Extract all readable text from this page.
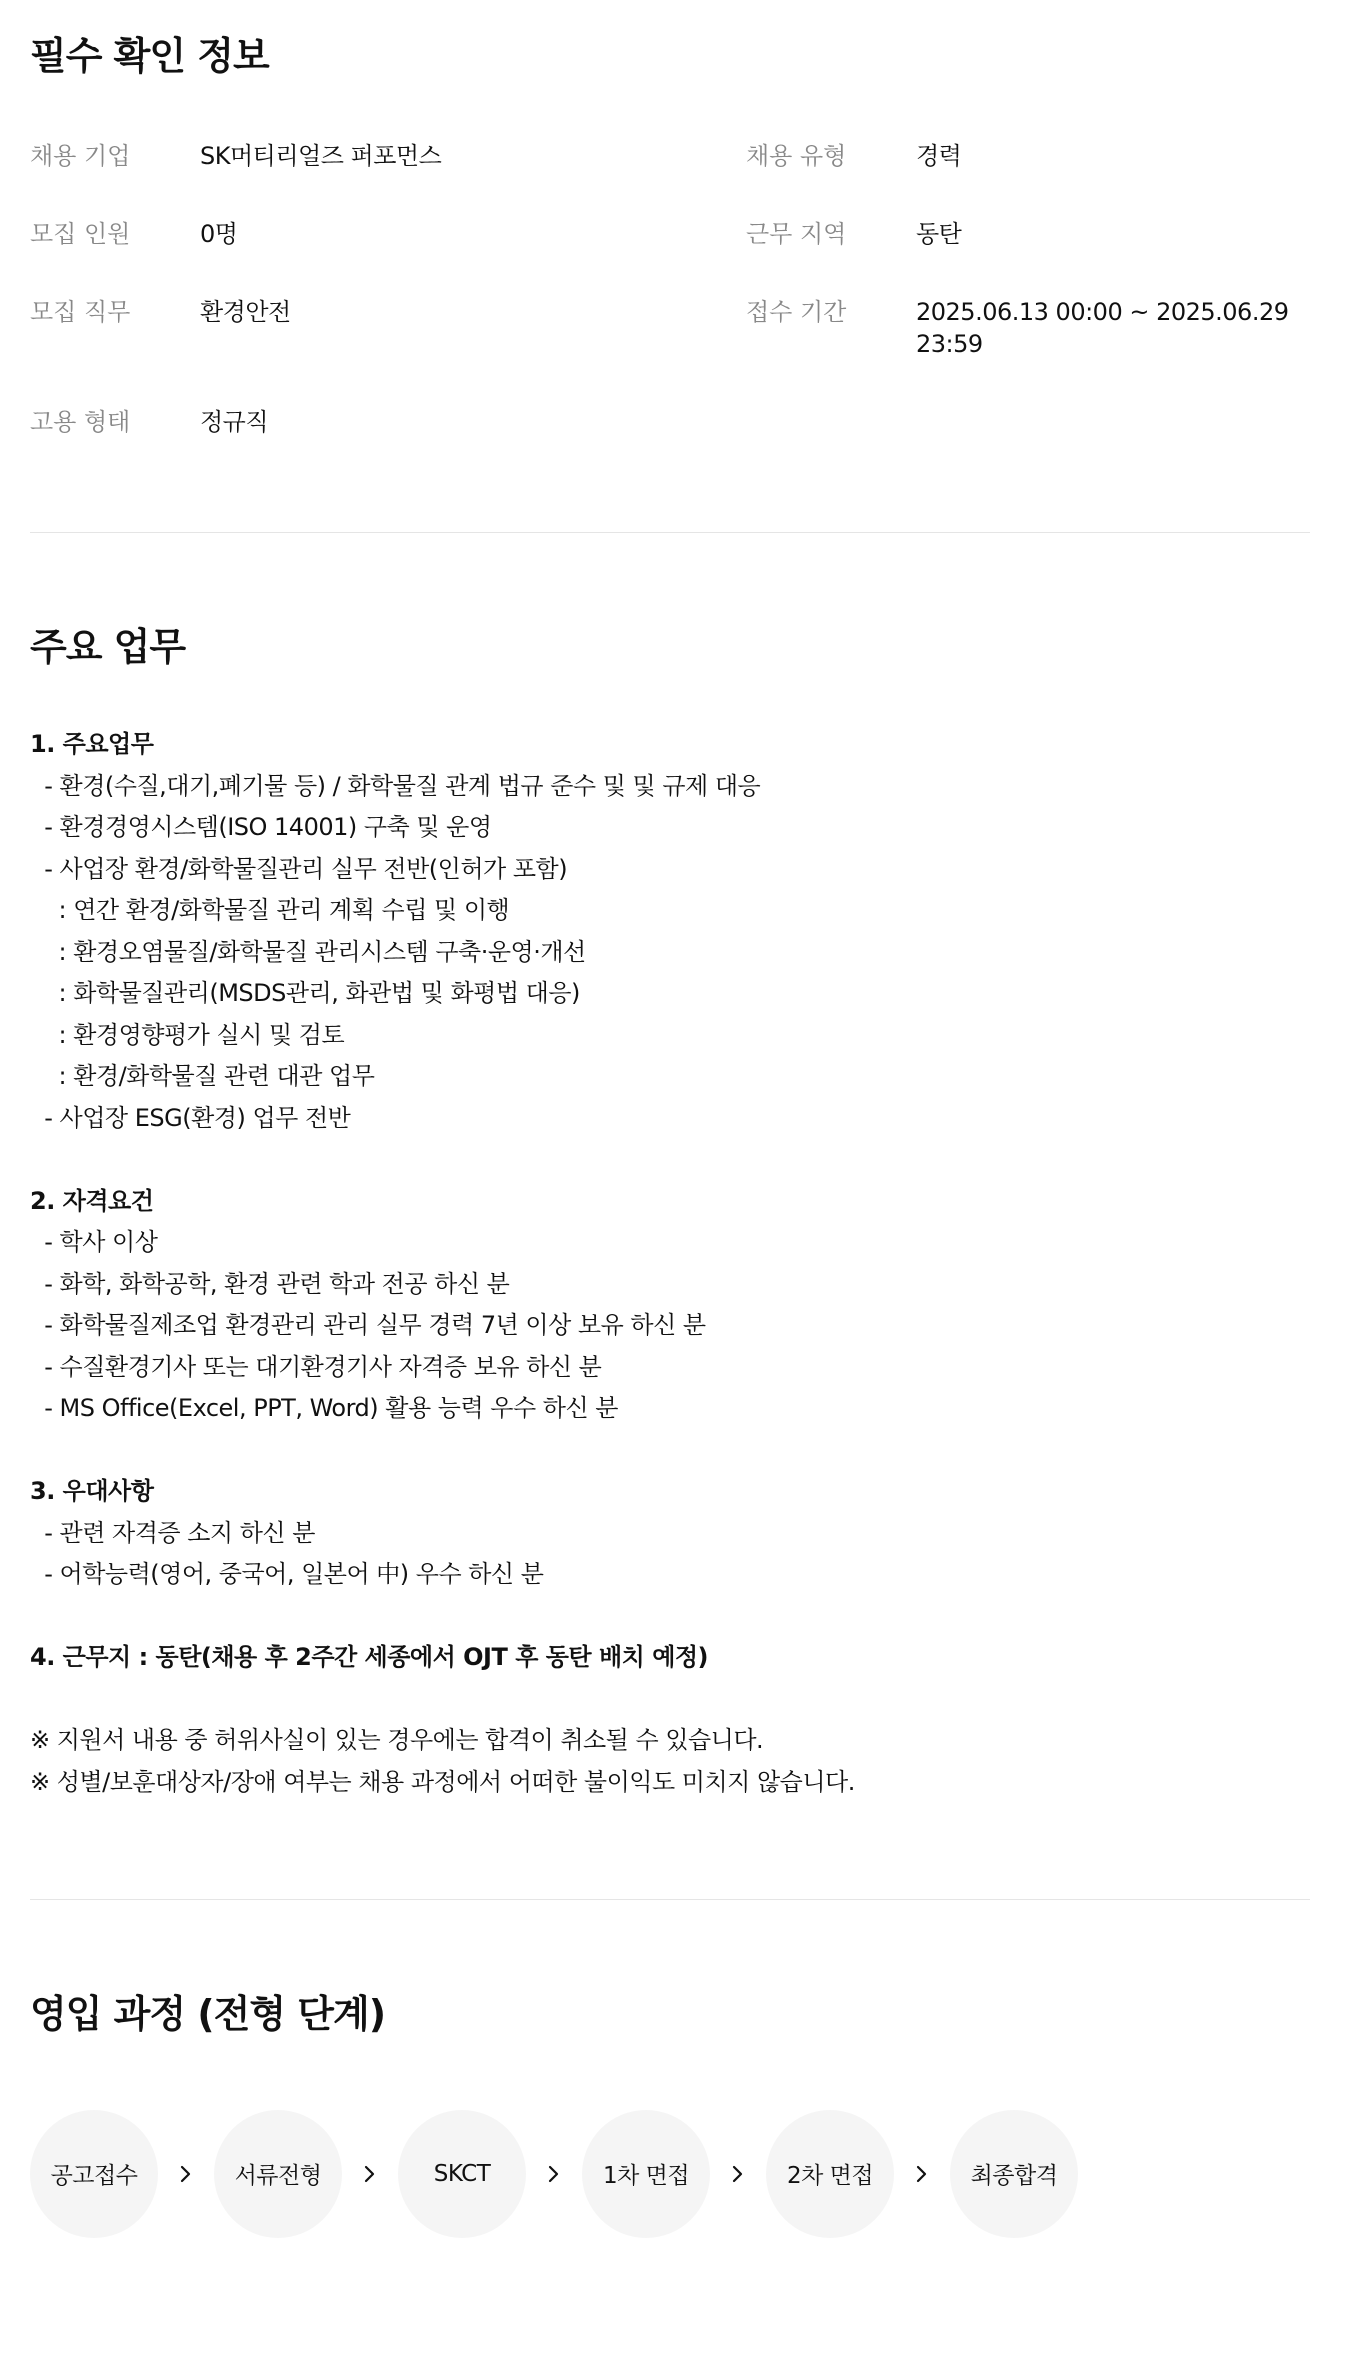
필수 확인 정보
채용 기업	SK머티리얼즈 퍼포먼스	채용 유형	경력
모집 인원	0명	근무 지역	동탄
모집 직무	환경안전	접수 기간	2025.06.13 00:00 ~ 2025.06.29 23:59
고용 형태	정규직
주요 업무
1. 주요업무
- 환경(수질,대기,폐기물 등) / 화학물질 관계 법규 준수 및 및 규제 대응
- 환경경영시스템(ISO 14001) 구축 및 운영
- 사업장 환경/화학물질관리 실무 전반(인허가 포함)
: 연간 환경/화학물질 관리 계획 수립 및 이행
: 환경오염물질/화학물질 관리시스템 구축·운영·개선
: 화학물질관리(MSDS관리, 화관법 및 화평법 대응)
: 환경영향평가 실시 및 검토
: 환경/화학물질 관련 대관 업무
- 사업장 ESG(환경) 업무 전반
2. 자격요건
- 학사 이상
- 화학, 화학공학, 환경 관련 학과 전공 하신 분
- 화학물질제조업 환경관리 관리 실무 경력 7년 이상 보유 하신 분
- 수질환경기사 또는 대기환경기사 자격증 보유 하신 분
- MS Office(Excel, PPT, Word) 활용 능력 우수 하신 분
3. 우대사항
- 관련 자격증 소지 하신 분
- 어학능력(영어, 중국어, 일본어 中) 우수 하신 분
4. 근무지 : 동탄(채용 후 2주간 세종에서 OJT 후 동탄 배치 예정)
※ 지원서 내용 중 허위사실이 있는 경우에는 합격이 취소될 수 있습니다.
※ 성별/보훈대상자/장애 여부는 채용 과정에서 어떠한 불이익도 미치지 않습니다.
영입 과정 (전형 단계)
공고접수	서류전형	SKCT	1차 면접	2차 면접	최종합격
